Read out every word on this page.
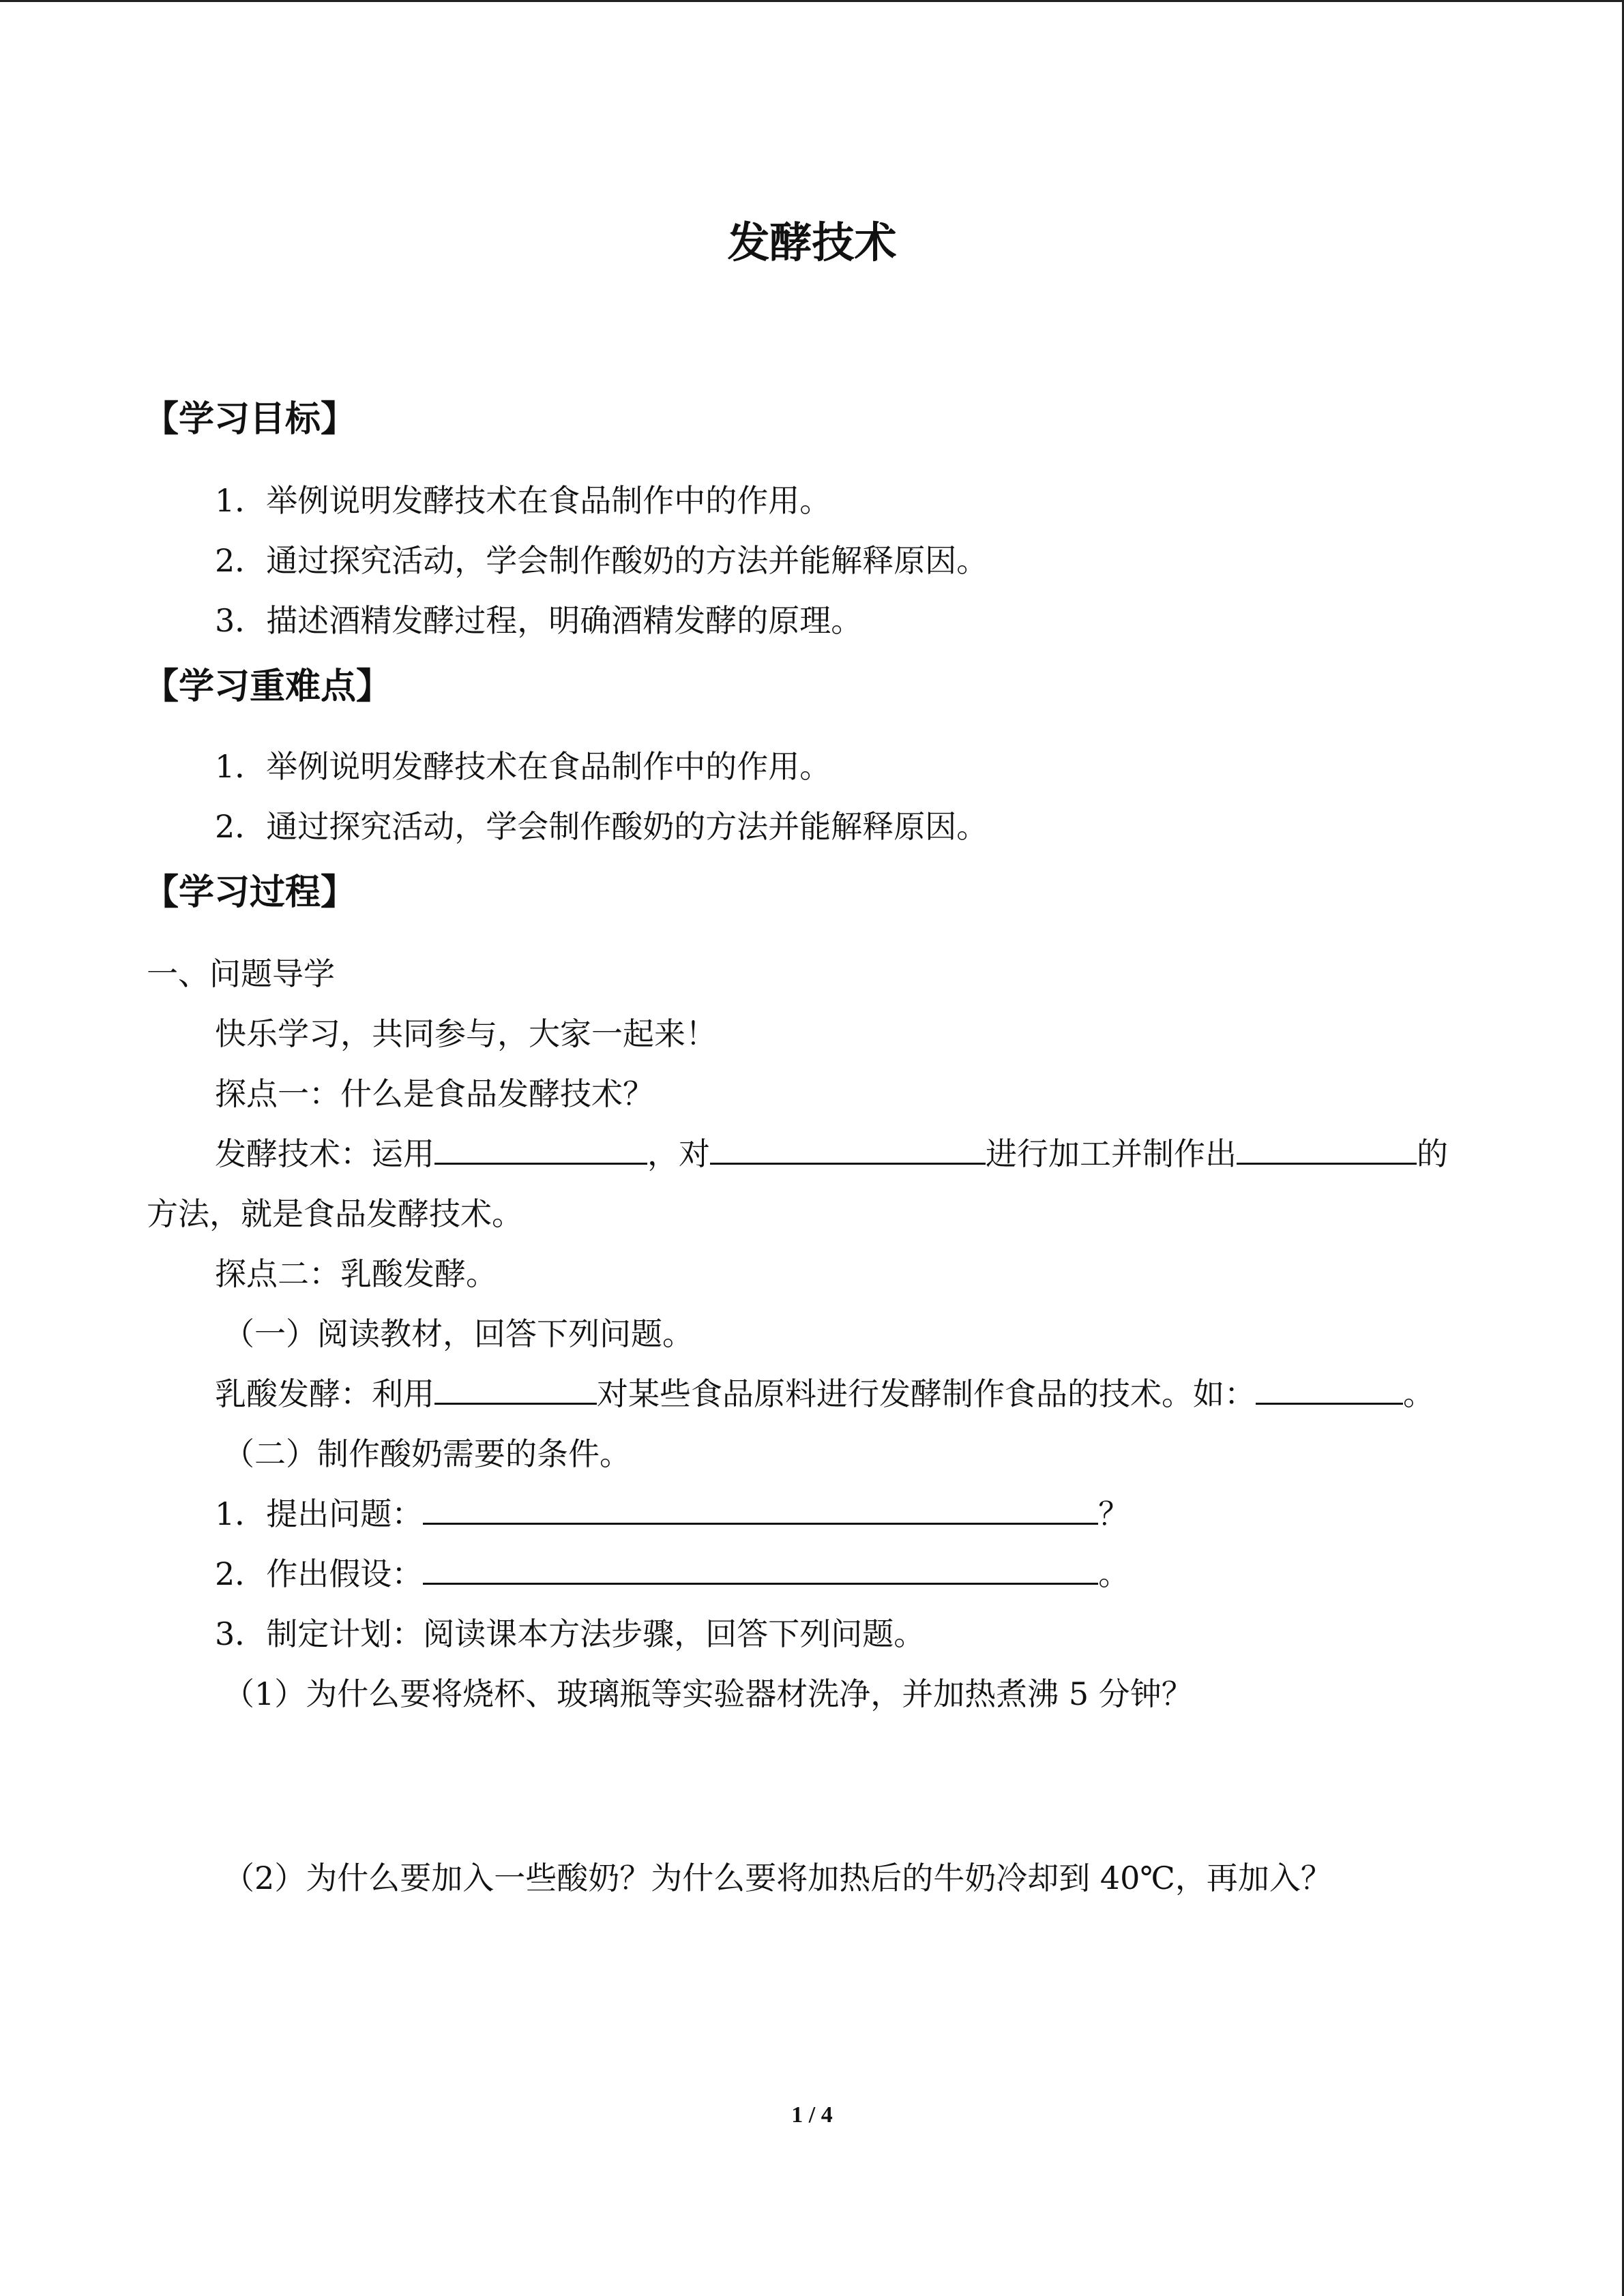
发酵技术
【学习目标】
1．举例说明发酵技术在食品制作中的作用。
2．通过探究活动，学会制作酸奶的方法并能解释原因。
3．描述酒精发酵过程，明确酒精发酵的原理。
【学习重难点】
1．举例说明发酵技术在食品制作中的作用。
2．通过探究活动，学会制作酸奶的方法并能解释原因。
【学习过程】
一、问题导学
快乐学习，共同参与，大家一起来！
探点一：什么是食品发酵技术？
发酵技术：运用	，对	进行加工并制作出	的
方法，就是食品发酵技术。
探点二：乳酸发酵。
（一）阅读教材，回答下列问题。
乳酸发酵：利用	对某些食品原料进行发酵制作食品的技术。如：	。
（二）制作酸奶需要的条件。
1．提出问题：	？
2．作出假设：	。
3．制定计划：阅读课本方法步骤，回答下列问题。
（1）为什么要将烧杯、玻璃瓶等实验器材洗净，并加热煮沸 5 分钟？
（2）为什么要加入一些酸奶？为什么要将加热后的牛奶冷却到 40℃，再加入？
1 / 4
